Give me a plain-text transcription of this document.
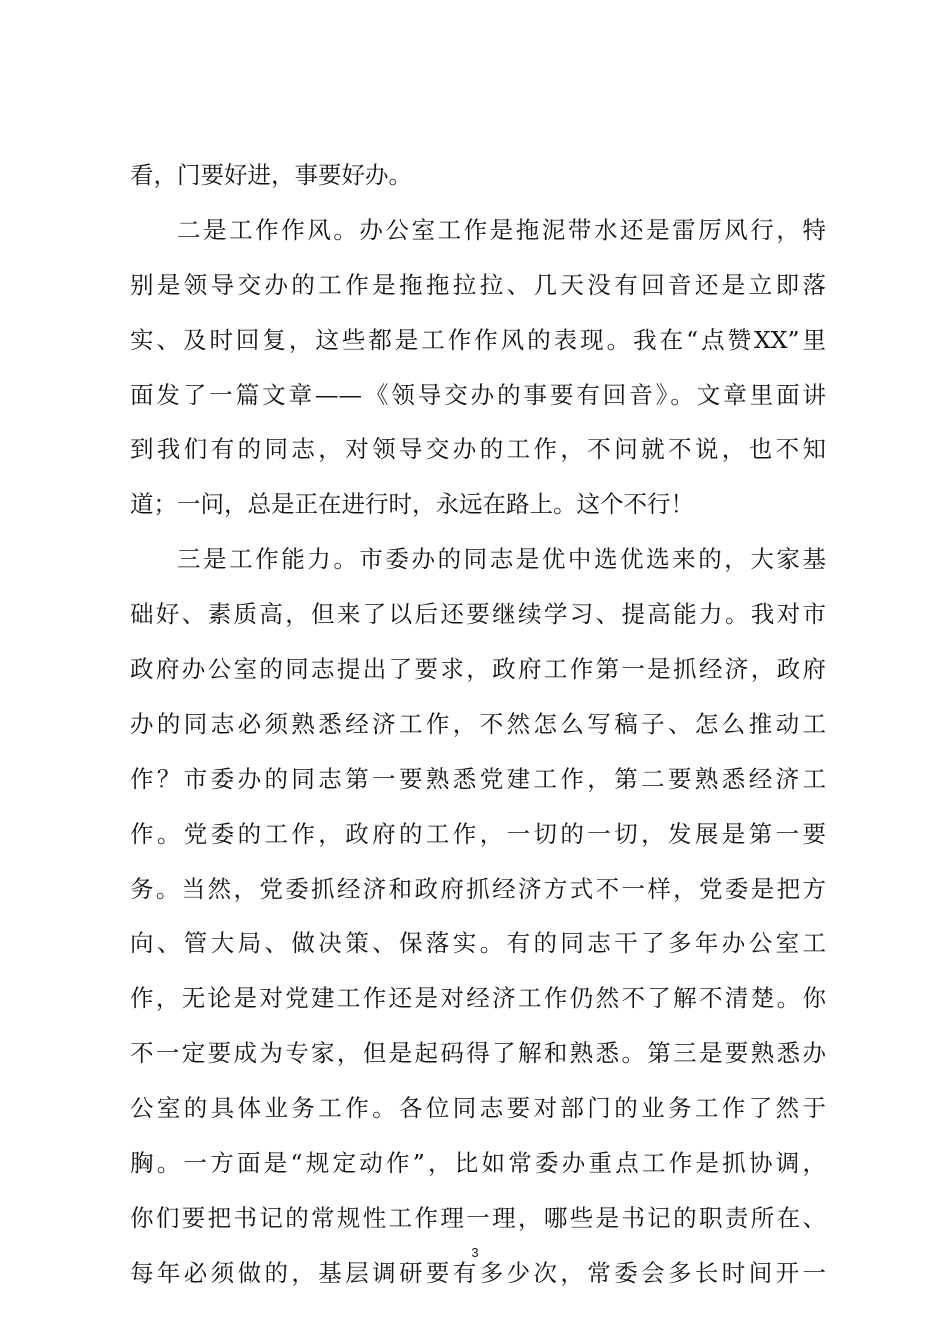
看，门要好进，事要好办。
二是工作作风。办公室工作是拖泥带水还是雷厉风行，特
别是领导交办的工作是拖拖拉拉、几天没有回音还是立即落
实、及时回复，这些都是工作作风的表现。我在“点赞XX”里
面发了一篇文章——《领导交办的事要有回音》。文章里面讲
到我们有的同志，对领导交办的工作，不问就不说，也不知
道；一问，总是正在进行时，永远在路上。这个不行！
三是工作能力。市委办的同志是优中选优选来的，大家基
础好、素质高，但来了以后还要继续学习、提高能力。我对市
政府办公室的同志提出了要求，政府工作第一是抓经济，政府
办的同志必须熟悉经济工作，不然怎么写稿子、怎么推动工
作？市委办的同志第一要熟悉党建工作，第二要熟悉经济工
作。党委的工作，政府的工作，一切的一切，发展是第一要
务。当然，党委抓经济和政府抓经济方式不一样，党委是把方
向、管大局、做决策、保落实。有的同志干了多年办公室工
作，无论是对党建工作还是对经济工作仍然不了解不清楚。你
不一定要成为专家，但是起码得了解和熟悉。第三是要熟悉办
公室的具体业务工作。各位同志要对部门的业务工作了然于
胸。一方面是“规定动作”，比如常委办重点工作是抓协调，
你们要把书记的常规性工作理一理，哪些是书记的职责所在、
每年必须做的，基层调研要有多少次，常委会多长时间开一
3
